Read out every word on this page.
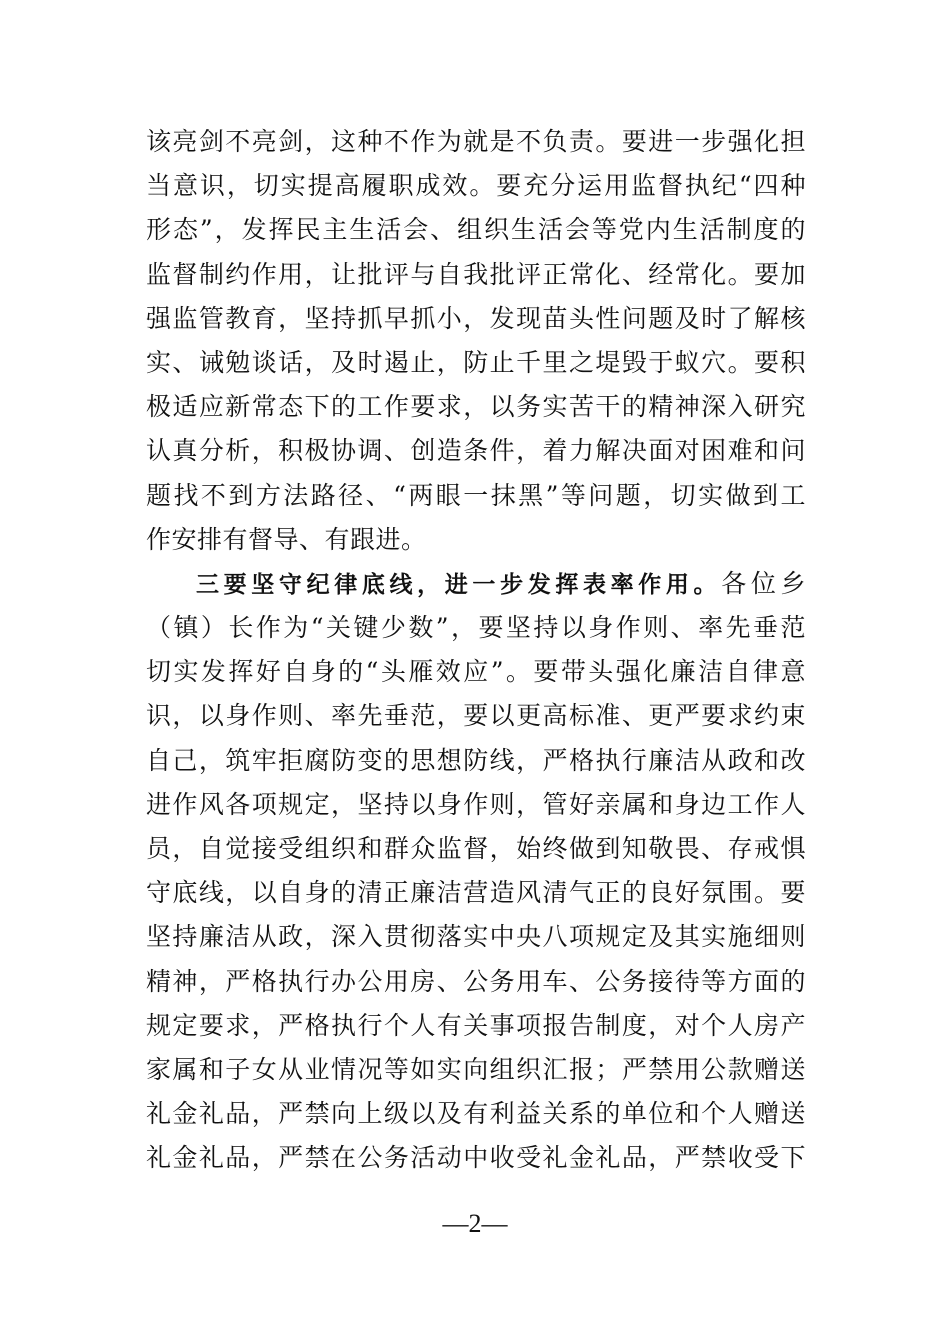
该亮剑不亮剑，这种不作为就是不负责。要进一步强化担
当意识，切实提高履职成效。要充分运用监督执纪“四种
形态”，发挥民主生活会、组织生活会等党内生活制度的
监督制约作用，让批评与自我批评正常化、经常化。要加
强监管教育，坚持抓早抓小，发现苗头性问题及时了解核
实、诫勉谈话，及时遏止，防止千里之堤毁于蚁穴。要积
极适应新常态下的工作要求，以务实苦干的精神深入研究
认真分析，积极协调、创造条件，着力解决面对困难和问
题找不到方法路径、“两眼一抹黑”等问题，切实做到工
作安排有督导、有跟进。
三要坚守纪律底线，进一步发挥表率作用。各位乡
（镇）长作为“关键少数”，要坚持以身作则、率先垂范
切实发挥好自身的“头雁效应”。要带头强化廉洁自律意
识，以身作则、率先垂范，要以更高标准、更严要求约束
自己，筑牢拒腐防变的思想防线，严格执行廉洁从政和改
进作风各项规定，坚持以身作则，管好亲属和身边工作人
员，自觉接受组织和群众监督，始终做到知敬畏、存戒惧
守底线，以自身的清正廉洁营造风清气正的良好氛围。要
坚持廉洁从政，深入贯彻落实中央八项规定及其实施细则
精神，严格执行办公用房、公务用车、公务接待等方面的
规定要求，严格执行个人有关事项报告制度，对个人房产
家属和子女从业情况等如实向组织汇报；严禁用公款赠送
礼金礼品，严禁向上级以及有利益关系的单位和个人赠送
礼金礼品，严禁在公务活动中收受礼金礼品，严禁收受下
—2—
